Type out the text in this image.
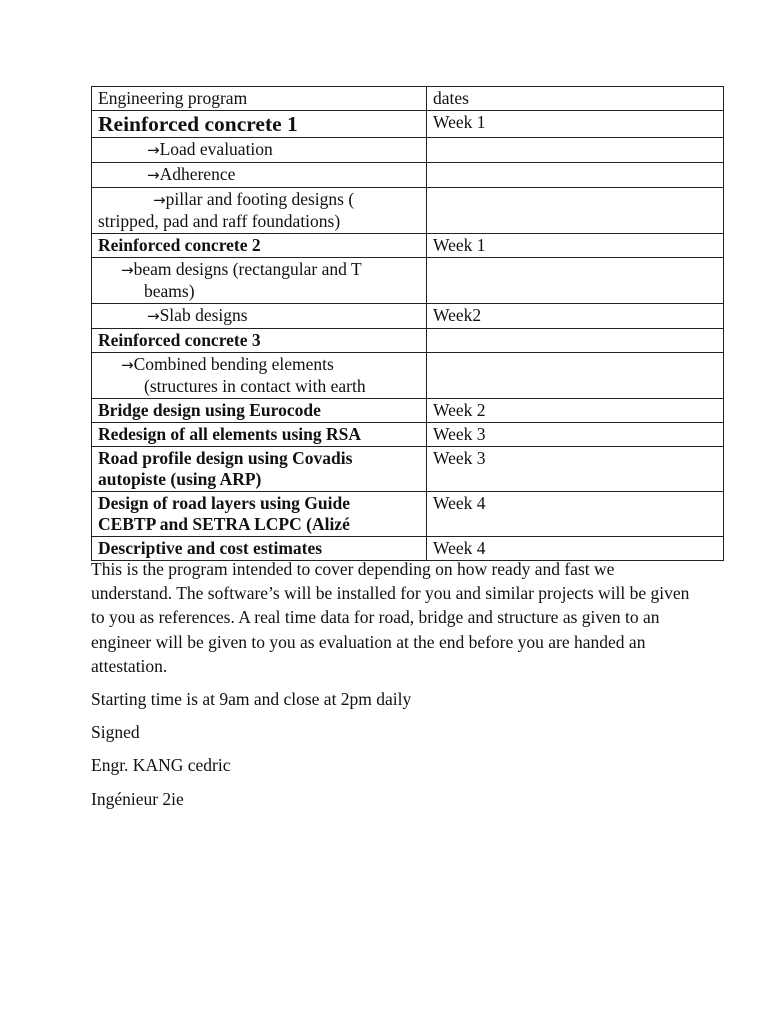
Engineering program	dates
Reinforced concrete 1	Week 1
→Load evaluation	
→Adherence	

→pillar and footing designs (
stripped, pad and raff foundations)	
Reinforced concrete 2	Week 1
→beam designs (rectangular and T
beams)	

→Slab designs	Week2
Reinforced concrete 3	
→Combined bending elements
(structures in contact with earth	

Bridge design using Eurocode	Week 2
Redesign of all elements using RSA	Week 3
Road profile design using Covadis
autopiste (using ARP)	Week 3
Design of road layers using Guide
CEBTP and SETRA LCPC (Alizé	Week 4
Descriptive and cost estimates	Week 4

This is the program intended to cover depending on how ready and fast we understand. The software’s will be installed for you and similar projects will be given to you as references. A real time data for road, bridge and structure as given to an engineer will be given to you as evaluation at the end before you are handed an attestation.

Starting time is at 9am and close at 2pm daily

Signed

Engr. KANG cedric

Ingénieur 2ie
